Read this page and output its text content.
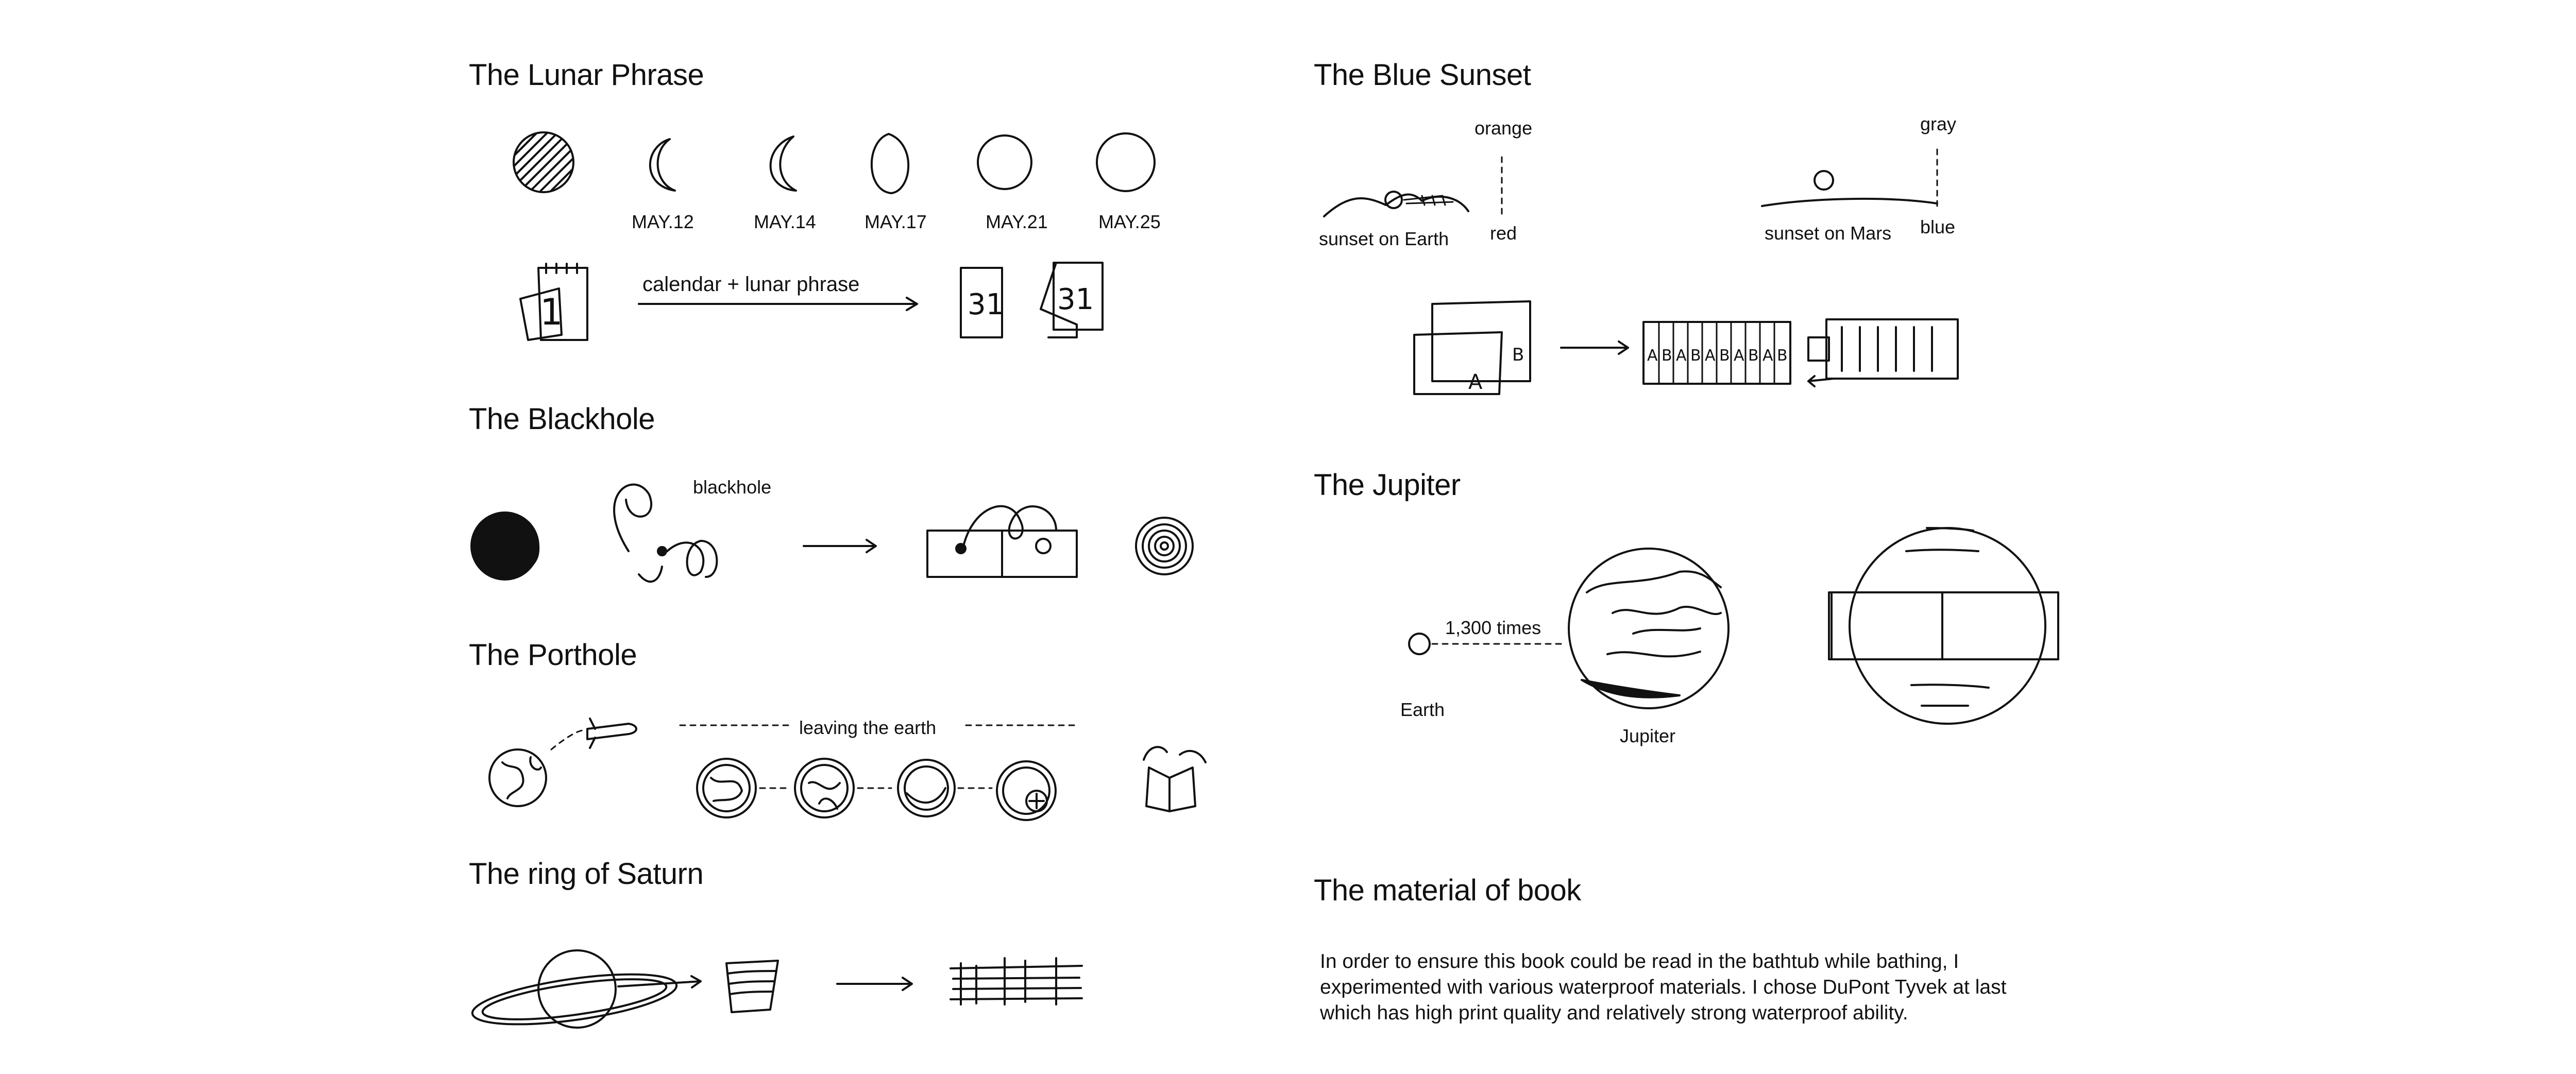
The Lunar Phrase
MAY.12	MAY.14	MAY.17	MAY.21	MAY.25
1	31 31
calendar + lunar phrase
The Blackhole
blackhole
The Porthole
leaving the earth
The ring of Saturn
The Blue Sunset
orange
red
sunset on Earth
gray
blue
sunset on Mars
A
B	A B A B A B A B A B
The Jupiter
1,300 times
Earth
Jupiter
The material of book
In order to ensure this book could be read in the bathtub while bathing, I experimented with various waterproof materials. I chose DuPont Tyvek at last which has high print quality and relatively strong waterproof ability.
